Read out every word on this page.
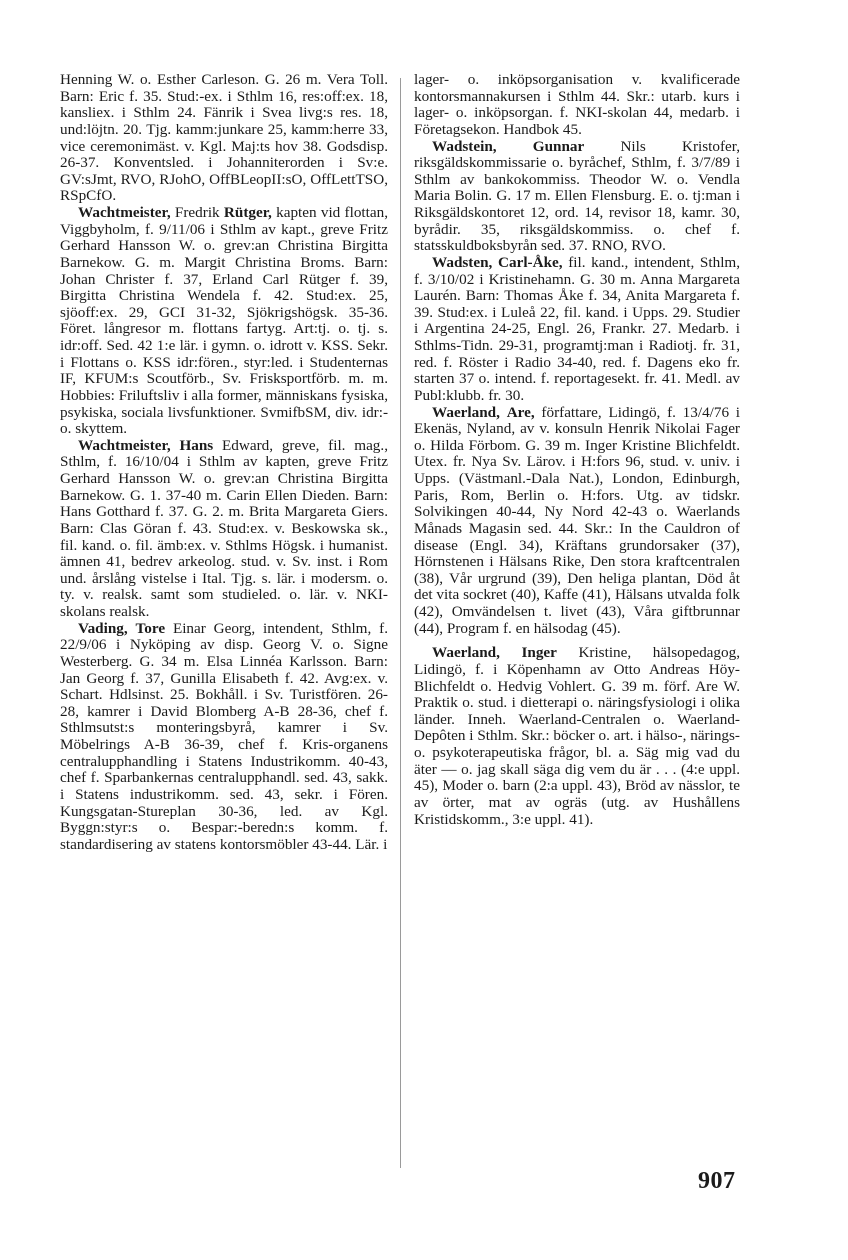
Henning W. o. Esther Carleson. G. 26 m. Vera Toll. Barn: Eric f. 35. Stud:-ex. i Sthlm 16, res:off:ex. 18, kansliex. i Sthlm 24. Fänrik i Svea livg:s res. 18, und:löjtn. 20. Tjg. kamm:junkare 25, kamm:herre 33, vice ceremonimäst. v. Kgl. Maj:ts hov 38. Godsdisp. 26-37. Konventsled. i Johanniterorden i Sv:e. GV:sJmt, RVO, RJohO, OffBLeopII:sO, OffLettTSO, RSpCfO.

Wachtmeister, Fredrik Rütger, kapten vid flottan, Viggbyholm, f. 9/11/06 i Sthlm av kapt., greve Fritz Gerhard Hansson W. o. grev:an Christina Birgitta Barnekow. G. m. Margit Christina Broms. Barn: Johan Christer f. 37, Erland Carl Rütger f. 39, Birgitta Christina Wendela f. 42. Stud:ex. 25, sjöoff:ex. 29, GCI 31-32, Sjökrigshögsk. 35-36. Föret. långresor m. flottans fartyg. Art:tj. o. tj. s. idr:off. Sed. 42 1:e lär. i gymn. o. idrott v. KSS. Sekr. i Flottans o. KSS idr:fören., styr:led. i Studenternas IF, KFUM:s Scoutförb., Sv. Frisksportförb. m. m. Hobbies: Friluftsliv i alla former, människans fysiska, psykiska, sociala livsfunktioner. SvmifbSM, div. idr:- o. skyttem.

Wachtmeister, Hans Edward, greve, fil. mag., Sthlm, f. 16/10/04 i Sthlm av kapten, greve Fritz Gerhard Hansson W. o. grev:an Christina Birgitta Barnekow. G. 1. 37-40 m. Carin Ellen Dieden. Barn: Hans Gotthard f. 37. G. 2. m. Brita Margareta Giers. Barn: Clas Göran f. 43. Stud:ex. v. Beskowska sk., fil. kand. o. fil. ämb:ex. v. Sthlms Högsk. i humanist. ämnen 41, bedrev arkeolog. stud. v. Sv. inst. i Rom und. årslång vistelse i Ital. Tjg. s. lär. i modersm. o. ty. v. realsk. samt som studieled. o. lär. v. NKI-skolans realsk.

Vading, Tore Einar Georg, intendent, Sthlm, f. 22/9/06 i Nyköping av disp. Georg V. o. Signe Westerberg. G. 34 m. Elsa Linnéa Karlsson. Barn: Jan Georg f. 37, Gunilla Elisabeth f. 42. Avg:ex. v. Schart. Hdlsinst. 25. Bokhåll. i Sv. Turistfören. 26-28, kamrer i David Blomberg A-B 28-36, chef f. Sthlmsutst:s monteringsbyrå, kamrer i Sv. Möbelrings A-B 36-39, chef f. Kris-organens centralupphandling i Statens Industrikomm. 40-43, chef f. Sparbankernas centralupphandl. sed. 43, sakk. i Statens industrikomm. sed. 43, sekr. i Fören. Kungsgatan-Stureplan 30-36, led. av Kgl. Byggn:styr:s o. Bespar:-beredn:s komm. f. standardisering av statens kontorsmöbler 43-44. Lär. i

lager- o. inköpsorganisation v. kvalificerade kontorsmannakursen i Sthlm 44. Skr.: utarb. kurs i lager- o. inköpsorgan. f. NKI-skolan 44, medarb. i Företagsekon. Handbok 45.

Wadstein, Gunnar Nils Kristofer, riksgäldskommissarie o. byråchef, Sthlm, f. 3/7/89 i Sthlm av bankokommiss. Theodor W. o. Vendla Maria Bolin. G. 17 m. Ellen Flensburg. E. o. tj:man i Riksgäldskontoret 12, ord. 14, revisor 18, kamr. 30, byrådir. 35, riksgäldskommiss. o. chef f. statsskuldboksbyrån sed. 37. RNO, RVO.

Wadsten, Carl-Åke, fil. kand., intendent, Sthlm, f. 3/10/02 i Kristinehamn. G. 30 m. Anna Margareta Laurén. Barn: Thomas Åke f. 34, Anita Margareta f. 39. Stud:ex. i Luleå 22, fil. kand. i Upps. 29. Studier i Argentina 24-25, Engl. 26, Frankr. 27. Medarb. i Sthlms-Tidn. 29-31, programtj:man i Radiotj. fr. 31, red. f. Röster i Radio 34-40, red. f. Dagens eko fr. starten 37 o. intend. f. reportagesekt. fr. 41. Medl. av Publ:klubb. fr. 30.

Waerland, Are, författare, Lidingö, f. 13/4/76 i Ekenäs, Nyland, av v. konsuln Henrik Nikolai Fager o. Hilda Förbom. G. 39 m. Inger Kristine Blichfeldt. Utex. fr. Nya Sv. Lärov. i H:fors 96, stud. v. univ. i Upps. (Västmanl.-Dala Nat.), London, Edinburgh, Paris, Rom, Berlin o. H:fors. Utg. av tidskr. Solvikingen 40-44, Ny Nord 42-43 o. Waerlands Månads Magasin sed. 44. Skr.: In the Cauldron of disease (Engl. 34), Kräftans grundorsaker (37), Hörnstenen i Hälsans Rike, Den stora kraftcentralen (38), Vår urgrund (39), Den heliga plantan, Död åt det vita sockret (40), Kaffe (41), Hälsans utvalda folk (42), Omvändelsen t. livet (43), Våra giftbrunnar (44), Program f. en hälsodag (45).

Waerland, Inger Kristine, hälsopedagog, Lidingö, f. i Köpenhamn av Otto Andreas Höy-Blichfeldt o. Hedvig Vohlert. G. 39 m. förf. Are W. Praktik o. stud. i dietterapi o. näringsfysiologi i olika länder. Inneh. Waerland-Centralen o. Waerland-Depôten i Sthlm. Skr.: böcker o. art. i hälso-, närings- o. psykoterapeutiska frågor, bl. a. Säg mig vad du äter — o. jag skall säga dig vem du är . . . (4:e uppl. 45), Moder o. barn (2:a uppl. 43), Bröd av nässlor, te av örter, mat av ogräs (utg. av Hushållens Kristidskomm., 3:e uppl. 41).

907
